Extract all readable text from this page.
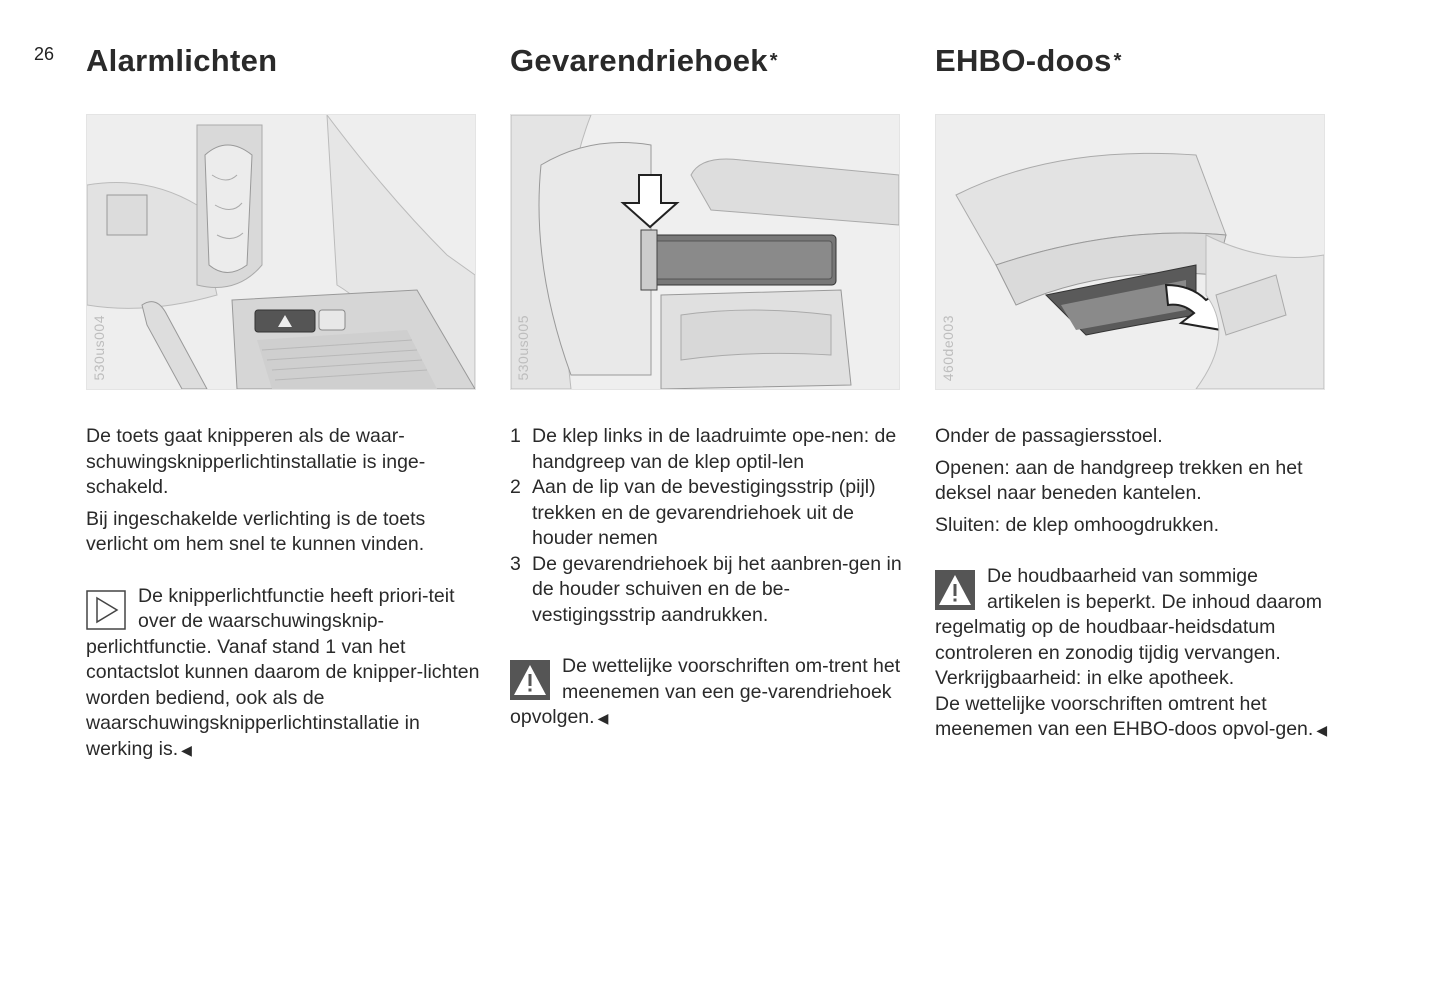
26 Alarmlichten
530us004

De toets gaat knipperen als de waar-schuwingsknipperlichtinstallatie is inge-schakeld.

Bij ingeschakelde verlichting is de toets verlicht om hem snel te kunnen vinden.

De knipperlichtfunctie heeft priori-teit over de waarschuwingsknip-perlichtfunctie. Vanaf stand 1 van het contactslot kunnen daarom de knipper-lichten worden bediend, ook als de waarschuwingsknipperlichtinstallatie in werking is. ◀
Gevarendriehoek *
530us005
1 De klep links in de laadruimte ope-nen: de handgreep van de klep optil-len
2 Aan de lip van de bevestigingsstrip (pijl) trekken en de gevarendriehoek uit de houder nemen
3 De gevarendriehoek bij het aanbren-gen in de houder schuiven en de be-vestigingsstrip aandrukken.
De wettelijke voorschriften om-trent het meenemen van een ge-varendriehoek opvolgen. ◀
EHBO-doos *
460de003

Onder de passagiersstoel.

Openen: aan de handgreep trekken en het deksel naar beneden kantelen.

Sluiten: de klep omhoogdrukken.

De houdbaarheid van sommige artikelen is beperkt. De inhoud daarom regelmatig op de houdbaar-heidsdatum controleren en zonodig tijdig vervangen. Verkrijgbaarheid: in elke apotheek.
De wettelijke voorschriften omtrent het meenemen van een EHBO-doos opvol-gen. ◀
